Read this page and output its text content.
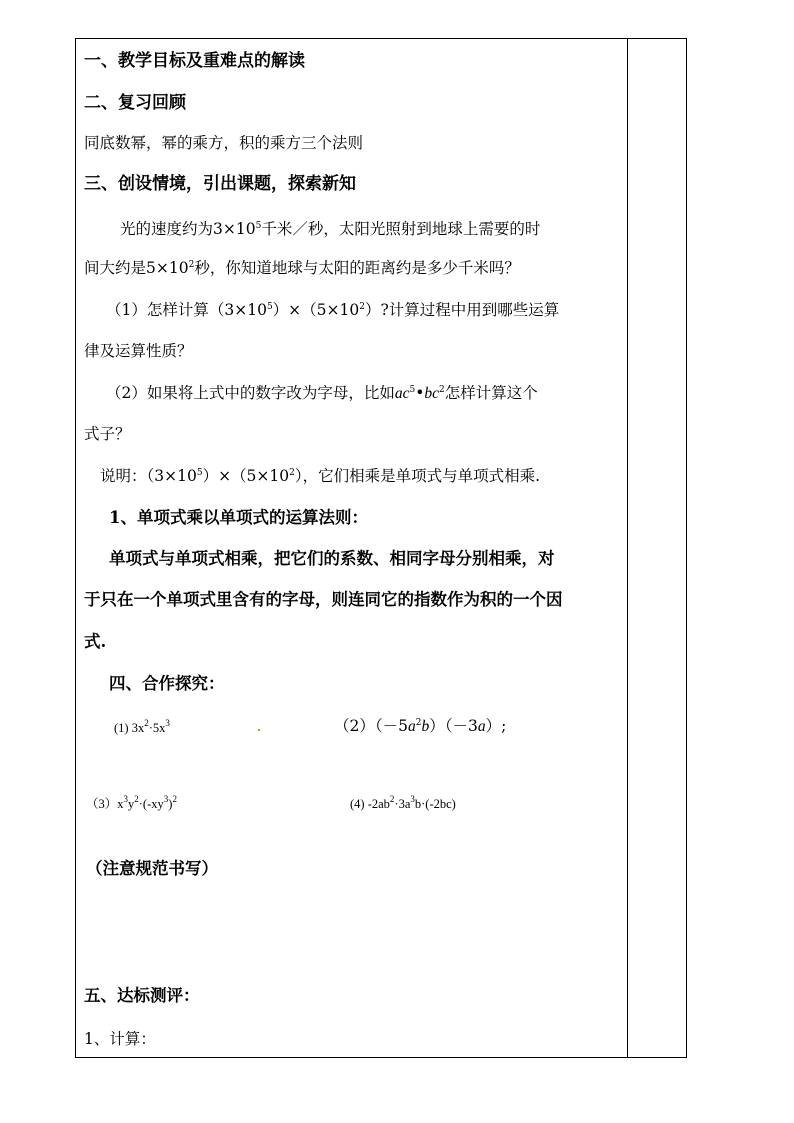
一、教学目标及重难点的解读
二、复习回顾
同底数幂，幂的乘方，积的乘方三个法则
三、创设情境，引出课题，探索新知
光的速度约为$3\times 10^5$千米／秒，太阳光照射到地球上需要的时
间大约是$5\times 10^2$秒，你知道地球与太阳的距离约是多少千米吗？
（1）怎样计算$(3\times 10^5)\times(5\times 10^2)$?计算过程中用到哪些运算
律及运算性质？
（2）如果将上式中的数字改为字母，比如$ac^5•bc^2$怎样计算这个
式子？
说明：$(3\times 10^5)\times(5\times 10^2)$，它们相乘是单项式与单项式相乘.
1、单项式乘以单项式的运算法则：
单项式与单项式相乘，把它们的系数、相同字母分别相乘，对
于只在一个单项式里含有的字母，则连同它的指数作为积的一个因
式.
四、合作探究：
(1) $3x^2\cdot 5x^3$	$(2)(-5a^2b)(-3a)$;
$(3)x^3y^2\cdot(-xy^3)^2$	(4) $-2ab^2\cdot 3a^3b\cdot(-2bc)$
（注意规范书写）
五、达标测评：
1、计算：
